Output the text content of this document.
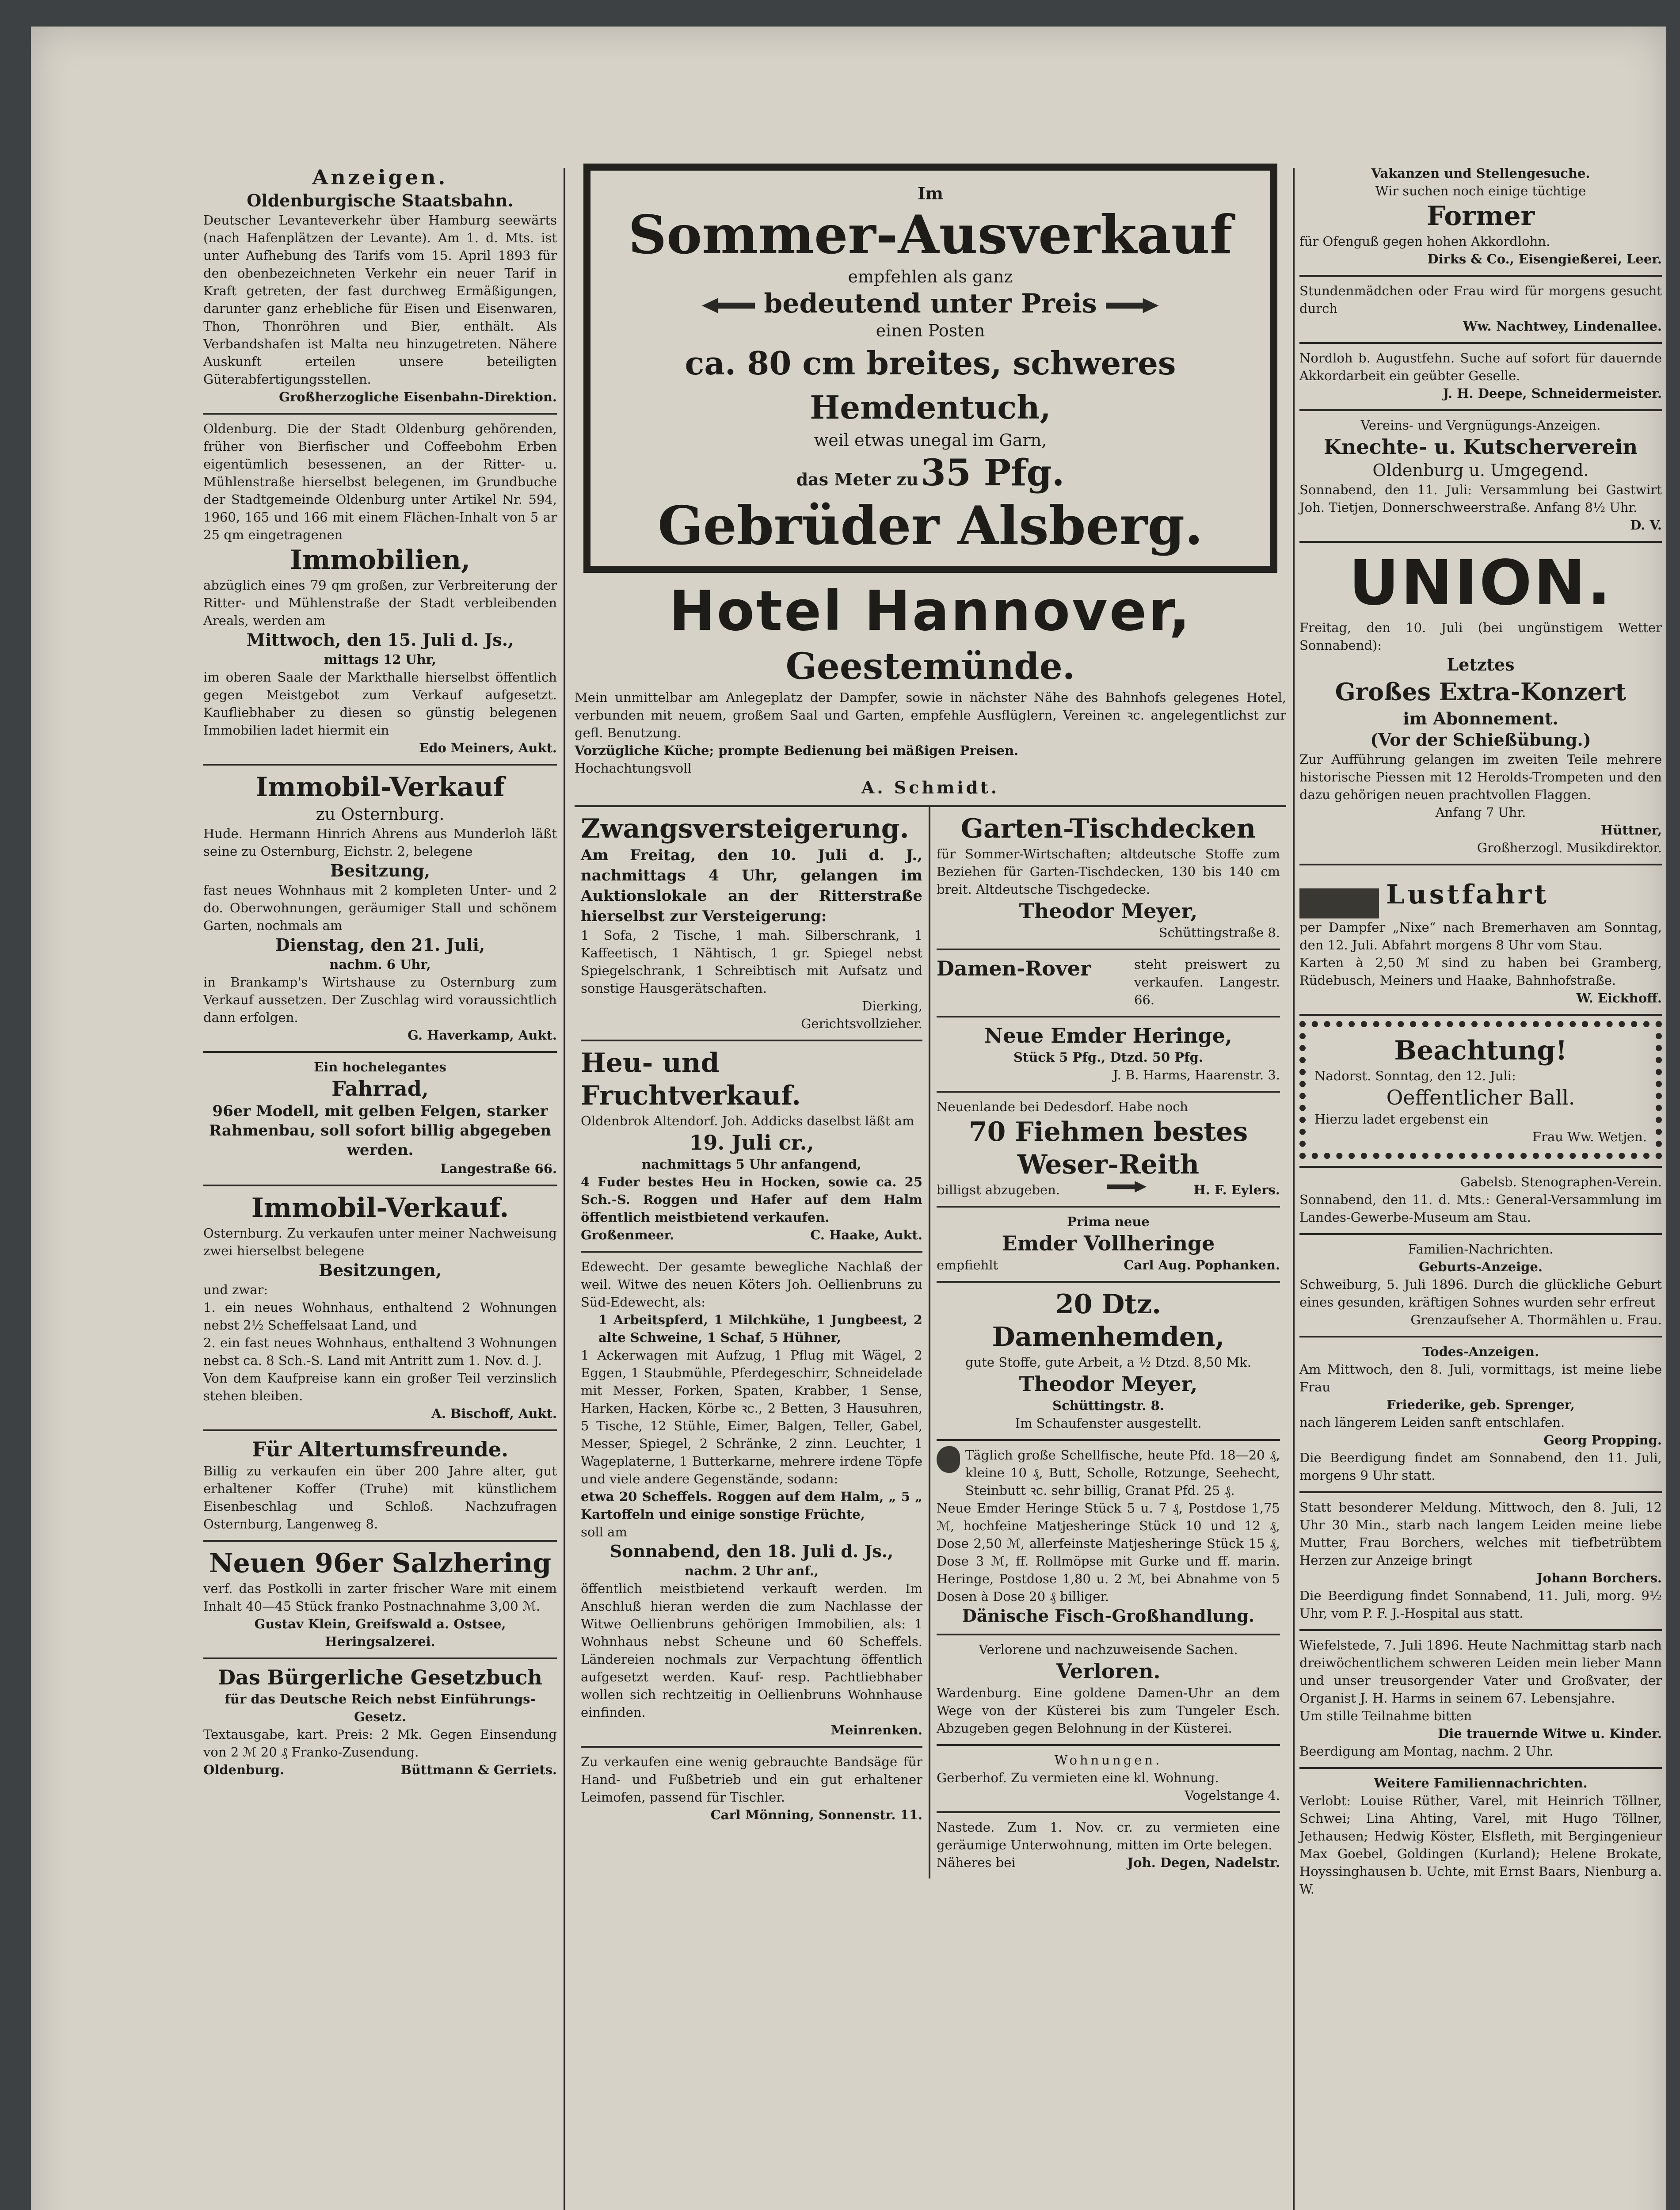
Anzeigen.
Oldenburgische Staatsbahn.
Deutscher Levanteverkehr über Hamburg seewärts (nach Hafenplätzen der Levante). Am 1. d. Mts. ist unter Aufhebung des Tarifs vom 15. April 1893 für den obenbezeichneten Verkehr ein neuer Tarif in Kraft getreten, der fast durchweg Ermäßigungen, darunter ganz erhebliche für Eisen und Eisenwaren, Thon, Thonröhren und Bier, enthält. Als Verbandshafen ist Malta neu hinzugetreten. Nähere Auskunft erteilen unsere beteiligten Güterabfertigungsstellen.
Großherzogliche Eisenbahn-Direktion.
Oldenburg. Die der Stadt Oldenburg gehörenden, früher von Bierfischer und Coffeebohm Erben eigentümlich besessenen, an der Ritter- u. Mühlenstraße hierselbst belegenen, im Grundbuche der Stadtgemeinde Oldenburg unter Artikel Nr. 594, 1960, 165 und 166 mit einem Flächen-Inhalt von 5 ar 25 qm eingetragenen
Immobilien,
abzüglich eines 79 qm großen, zur Verbreiterung der Ritter- und Mühlenstraße der Stadt verbleibenden Areals, werden am
Mittwoch, den 15. Juli d. Js.,
mittags 12 Uhr,
im oberen Saale der Markthalle hierselbst öffentlich gegen Meistgebot zum Verkauf aufgesetzt. Kaufliebhaber zu diesen so günstig belegenen Immobilien ladet hiermit ein
Edo Meiners, Aukt.
Immobil-Verkauf
zu Osternburg.
Hude. Hermann Hinrich Ahrens aus Munderloh läßt seine zu Osternburg, Eichstr. 2, belegene
Besitzung,
fast neues Wohnhaus mit 2 kompleten Unter- und 2 do. Oberwohnungen, geräumiger Stall und schönem Garten, nochmals am
Dienstag, den 21. Juli,
nachm. 6 Uhr,
in Brankamp's Wirtshause zu Osternburg zum Verkauf aussetzen. Der Zuschlag wird voraussichtlich dann erfolgen.
G. Haverkamp, Aukt.
Ein hochelegantes
Fahrrad,
96er Modell, mit gelben Felgen, starker Rahmenbau, soll sofort billig abgegeben werden.
Langestraße 66.
Immobil-Verkauf.
Osternburg. Zu verkaufen unter meiner Nachweisung zwei hierselbst belegene
Besitzungen,
und zwar:
1. ein neues Wohnhaus, enthaltend 2 Wohnungen nebst 2½ Scheffelsaat Land, und
2. ein fast neues Wohnhaus, enthaltend 3 Wohnungen nebst ca. 8 Sch.-S. Land mit Antritt zum 1. Nov. d. J.
Von dem Kaufpreise kann ein großer Teil verzinslich stehen bleiben.
A. Bischoff, Aukt.
Für Altertumsfreunde.
Billig zu verkaufen ein über 200 Jahre alter, gut erhaltener Koffer (Truhe) mit künstlichem Eisenbeschlag und Schloß. Nachzufragen Osternburg, Langenweg 8.
Neuen 96er Salzhering
verf. das Postkolli in zarter frischer Ware mit einem Inhalt 40—45 Stück franko Postnachnahme 3,00 ℳ.
Gustav Klein, Greifswald a. Ostsee, Heringsalzerei.
Das Bürgerliche Gesetzbuch
für das Deutsche Reich nebst Einführungs-Gesetz.
Textausgabe, kart. Preis: 2 Mk. Gegen Einsendung von 2 ℳ 20 ₰ Franko-Zusendung.
Oldenburg.	Büttmann & Gerriets.
Im
Sommer-Ausverkauf
empfehlen als ganz
bedeutend unter Preis
einen Posten
ca. 80 cm breites, schweres Hemdentuch,
weil etwas unegal im Garn,
das Meter zu 35 Pfg.
Gebrüder Alsberg.
Hotel Hannover,
Geestemünde.
Mein unmittelbar am Anlegeplatz der Dampfer, sowie in nächster Nähe des Bahnhofs gelegenes Hotel, verbunden mit neuem, großem Saal und Garten, empfehle Ausflüglern, Vereinen ꝛc. angelegentlichst zur gefl. Benutzung.
Vorzügliche Küche; prompte Bedienung bei mäßigen Preisen.
Hochachtungsvoll
A. Schmidt.
Zwangsversteigerung.
Am Freitag, den 10. Juli d. J., nachmittags 4 Uhr, gelangen im Auktionslokale an der Ritterstraße hierselbst zur Versteigerung:
1 Sofa, 2 Tische, 1 mah. Silberschrank, 1 Kaffeetisch, 1 Nähtisch, 1 gr. Spiegel nebst Spiegelschrank, 1 Schreibtisch mit Aufsatz und sonstige Hausgerätschaften.
Dierking,
Gerichtsvollzieher.
Heu- und Fruchtverkauf.
Oldenbrok Altendorf. Joh. Addicks daselbst läßt am
19. Juli cr.,
nachmittags 5 Uhr anfangend,
4 Fuder bestes Heu in Hocken, sowie ca. 25 Sch.-S. Roggen und Hafer auf dem Halm öffentlich meistbietend verkaufen.
Großenmeer.	C. Haake, Aukt.
Edewecht. Der gesamte bewegliche Nachlaß der weil. Witwe des neuen Köters Joh. Oellienbruns zu Süd-Edewecht, als:
1 Arbeitspferd, 1 Milchkühe, 1 Jungbeest, 2 alte Schweine, 1 Schaf, 5 Hühner,
1 Ackerwagen mit Aufzug, 1 Pflug mit Wägel, 2 Eggen, 1 Staubmühle, Pferdegeschirr, Schneidelade mit Messer, Forken, Spaten, Krabber, 1 Sense, Harken, Hacken, Körbe ꝛc., 2 Betten, 3 Hausuhren, 5 Tische, 12 Stühle, Eimer, Balgen, Teller, Gabel, Messer, Spiegel, 2 Schränke, 2 zinn. Leuchter, 1 Wageplaterne, 1 Butterkarne, mehrere irdene Töpfe und viele andere Gegenstände, sodann:
etwa 20 Scheffels. Roggen auf dem Halm, „ 5 „ Kartoffeln und einige sonstige Früchte,
soll am
Sonnabend, den 18. Juli d. Js.,
nachm. 2 Uhr anf.,
öffentlich meistbietend verkauft werden. Im Anschluß hieran werden die zum Nachlasse der Witwe Oellienbruns gehörigen Immobilien, als: 1 Wohnhaus nebst Scheune und 60 Scheffels. Ländereien nochmals zur Verpachtung öffentlich aufgesetzt werden. Kauf- resp. Pachtliebhaber wollen sich rechtzeitig in Oellienbruns Wohnhause einfinden.
Meinrenken.
Zu verkaufen eine wenig gebrauchte Bandsäge für Hand- und Fußbetrieb und ein gut erhaltener Leimofen, passend für Tischler.
Carl Mönning, Sonnenstr. 11.
Garten-Tischdecken
für Sommer-Wirtschaften; altdeutsche Stoffe zum Beziehen für Garten-Tischdecken, 130 bis 140 cm breit. Altdeutsche Tischgedecke.
Theodor Meyer,
Schüttingstraße 8.
Damen-Rover	steht preiswert zu verkaufen. Langestr. 66.
Neue Emder Heringe,
Stück 5 Pfg., Dtzd. 50 Pfg.
J. B. Harms, Haarenstr. 3.
Neuenlande bei Dedesdorf. Habe noch
70 Fiehmen bestes Weser-Reith
billigst abzugeben.	H. F. Eylers.
Prima neue
Emder Vollheringe
empfiehlt	Carl Aug. Pophanken.
20 Dtz. Damenhemden,
gute Stoffe, gute Arbeit, a ½ Dtzd. 8,50 Mk.
Theodor Meyer,
Schüttingstr. 8.
Im Schaufenster ausgestellt.
Täglich große Schellfische, heute Pfd. 18—20 ₰, kleine 10 ₰, Butt, Scholle, Rotzunge, Seehecht, Steinbutt ꝛc. sehr billig, Granat Pfd. 25 ₰.
Neue Emder Heringe Stück 5 u. 7 ₰, Postdose 1,75 ℳ, hochfeine Matjesheringe Stück 10 und 12 ₰, Dose 2,50 ℳ, allerfeinste Matjesheringe Stück 15 ₰, Dose 3 ℳ, ff. Rollmöpse mit Gurke und ff. marin. Heringe, Postdose 1,80 u. 2 ℳ, bei Abnahme von 5 Dosen à Dose 20 ₰ billiger.
Dänische Fisch-Großhandlung.
Verlorene und nachzuweisende Sachen.
Verloren.
Wardenburg. Eine goldene Damen-Uhr an dem Wege von der Küsterei bis zum Tungeler Esch. Abzugeben gegen Belohnung in der Küsterei.
Wohnungen.
Gerberhof. Zu vermieten eine kl. Wohnung.
Vogelstange 4.
Nastede. Zum 1. Nov. cr. zu vermieten eine geräumige Unterwohnung, mitten im Orte belegen.
Näheres bei	Joh. Degen, Nadelstr.
Vakanzen und Stellengesuche.
Wir suchen noch einige tüchtige
Former
für Ofenguß gegen hohen Akkordlohn.
Dirks & Co., Eisengießerei, Leer.
Stundenmädchen oder Frau wird für morgens gesucht durch
Ww. Nachtwey, Lindenallee.
Nordloh b. Augustfehn. Suche auf sofort für dauernde Akkordarbeit ein geübter Geselle.
J. H. Deepe, Schneidermeister.
Vereins- und Vergnügungs-Anzeigen.
Knechte- u. Kutscherverein
Oldenburg u. Umgegend.
Sonnabend, den 11. Juli: Versammlung bei Gastwirt Joh. Tietjen, Donnerschweerstraße. Anfang 8½ Uhr.
D. V.
UNION.
Freitag, den 10. Juli (bei ungünstigem Wetter Sonnabend):
Letztes
Großes Extra-Konzert
im Abonnement.
(Vor der Schießübung.)
Zur Aufführung gelangen im zweiten Teile mehrere historische Piessen mit 12 Herolds-Trompeten und den dazu gehörigen neuen prachtvollen Flaggen.
Anfang 7 Uhr.
Hüttner,
Großherzogl. Musikdirektor.
Lustfahrt
per Dampfer „Nixe“ nach Bremerhaven am Sonntag, den 12. Juli. Abfahrt morgens 8 Uhr vom Stau.
Karten à 2,50 ℳ sind zu haben bei Gramberg, Rüdebusch, Meiners und Haake, Bahnhofstraße.
W. Eickhoff.
Beachtung!
Nadorst. Sonntag, den 12. Juli:
Oeffentlicher Ball.
Hierzu ladet ergebenst ein
Frau Ww. Wetjen.
Gabelsb. Stenographen-Verein.
Sonnabend, den 11. d. Mts.: General-Versammlung im Landes-Gewerbe-Museum am Stau.
Familien-Nachrichten.
Geburts-Anzeige.
Schweiburg, 5. Juli 1896. Durch die glückliche Geburt eines gesunden, kräftigen Sohnes wurden sehr erfreut
Grenzaufseher A. Thormählen u. Frau.
Todes-Anzeigen.
Am Mittwoch, den 8. Juli, vormittags, ist meine liebe Frau
Friederike, geb. Sprenger,
nach längerem Leiden sanft entschlafen.
Georg Propping.
Die Beerdigung findet am Sonnabend, den 11. Juli, morgens 9 Uhr statt.
Statt besonderer Meldung. Mittwoch, den 8. Juli, 12 Uhr 30 Min., starb nach langem Leiden meine liebe Mutter, Frau Borchers, welches mit tiefbetrübtem Herzen zur Anzeige bringt
Johann Borchers.
Die Beerdigung findet Sonnabend, 11. Juli, morg. 9½ Uhr, vom P. F. J.-Hospital aus statt.
Wiefelstede, 7. Juli 1896. Heute Nachmittag starb nach dreiwöchentlichem schweren Leiden mein lieber Mann und unser treusorgender Vater und Großvater, der Organist J. H. Harms in seinem 67. Lebensjahre.
Um stille Teilnahme bitten
Die trauernde Witwe u. Kinder.
Beerdigung am Montag, nachm. 2 Uhr.
Weitere Familiennachrichten.
Verlobt: Louise Rüther, Varel, mit Heinrich Töllner, Schwei; Lina Ahting, Varel, mit Hugo Töllner, Jethausen; Hedwig Köster, Elsfleth, mit Bergingenieur Max Goebel, Goldingen (Kurland); Helene Brokate, Hoyssinghausen b. Uchte, mit Ernst Baars, Nienburg a. W.
